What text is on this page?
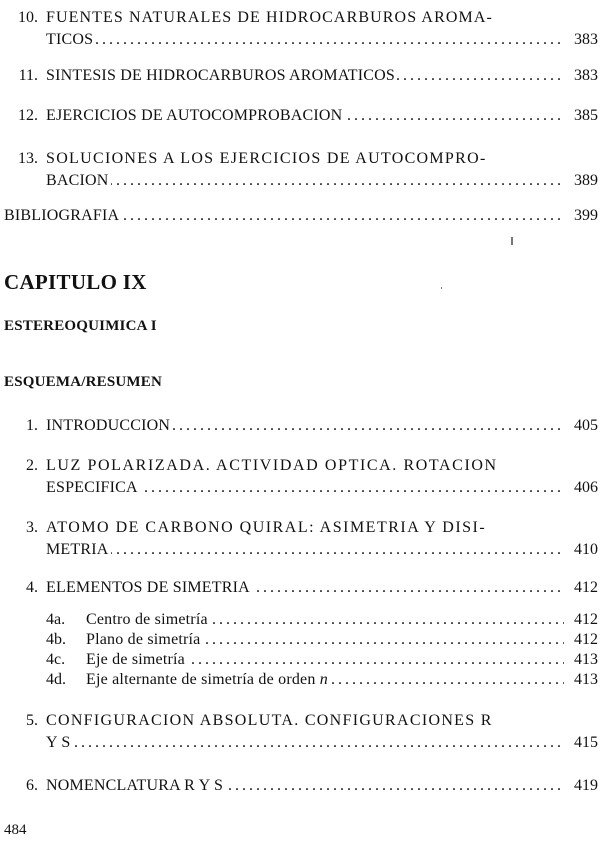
10. FUENTES NATURALES DE HIDROCARBUROS AROMA-
TICOS . . .	383
11. SINTESIS DE HIDROCARBUROS AROMATICOS . . .	383
12. EJERCICIOS DE AUTOCOMPROBACION . . .	385
13. SOLUCIONES A LOS EJERCICIOS DE AUTOCOMPRO-
BACION . . .	389
BIBLIOGRAFIA . . .	399
CAPITULO IX
ESTEREOQUIMICA I
ESQUEMA/RESUMEN
1. INTRODUCCION . . .	405
2. LUZ POLARIZADA. ACTIVIDAD OPTICA. ROTACION
ESPECIFICA . . .	406
3. ATOMO DE CARBONO QUIRAL: ASIMETRIA Y DISI-
METRIA . . .	410
4. ELEMENTOS DE SIMETRIA . . .	412
4a. Centro de simetría . . .	412
4b. Plano de simetría . . .	412
4c. Eje de simetría . . .	413
4d. Eje alternante de simetría de orden n . . .	413
5. CONFIGURACION ABSOLUTA. CONFIGURACIONES R
Y S . . .	415
6. NOMENCLATURA R Y S . . .	419
484
